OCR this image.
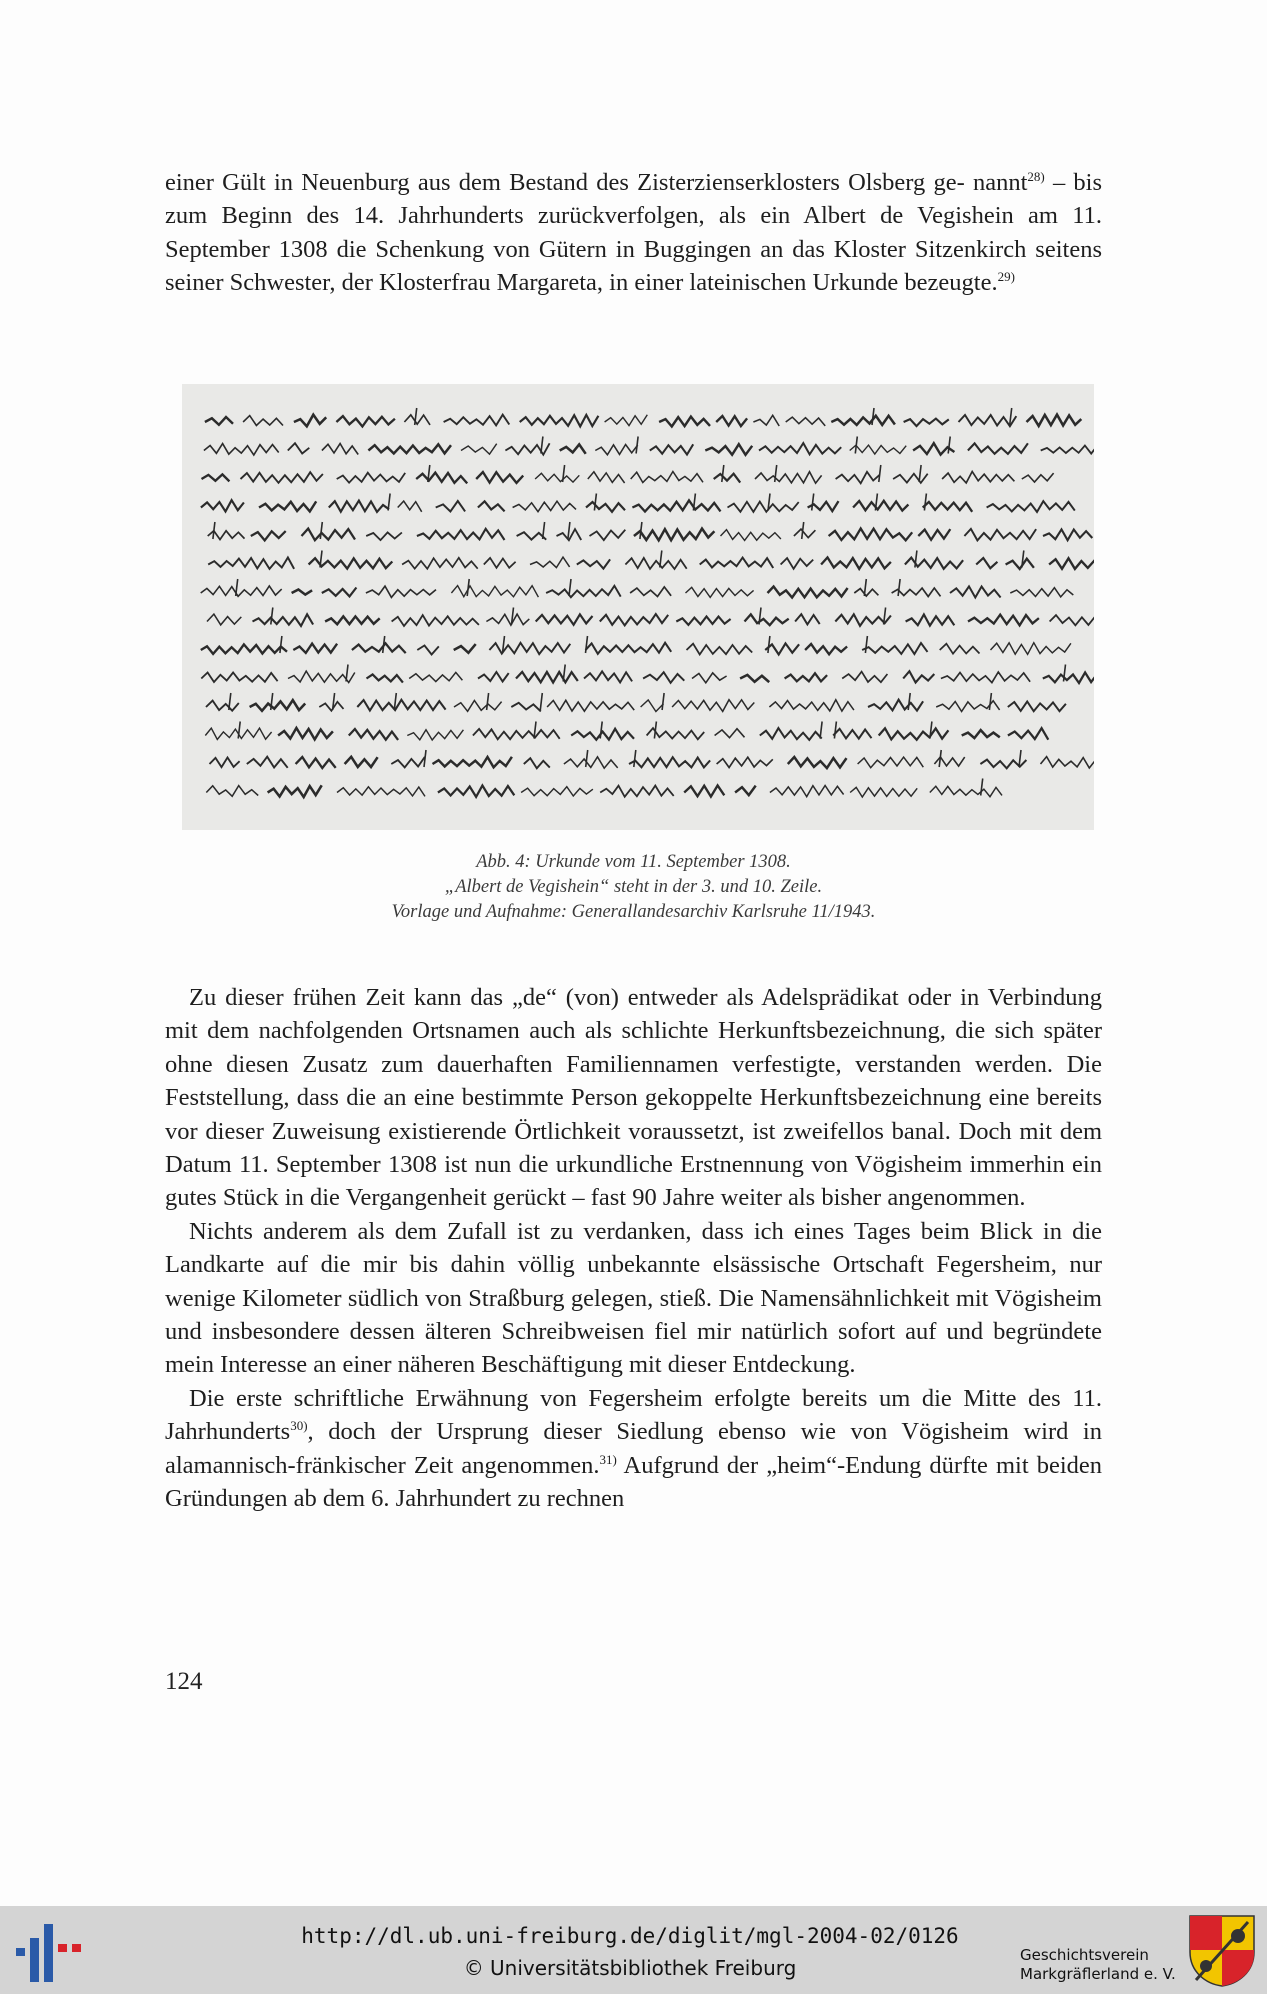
einer Gült in Neuenburg aus dem Bestand des Zisterzienserklosters Olsberg ge- nannt$^{28)}$ – bis zum Beginn des 14. Jahrhunderts zurückverfolgen, als ein Albert de Vegishein am 11. September 1308 die Schenkung von Gütern in Buggingen an das Kloster Sitzenkirch seitens seiner Schwester, der Klosterfrau Margareta, in einer lateinischen Urkunde bezeugte.$^{29)}$

Abb. 4: Urkunde vom 11. September 1308.
„Albert de Vegishein“ steht in der 3. und 10. Zeile.
Vorlage und Aufnahme: Generallandesarchiv Karlsruhe 11/1943.

Zu dieser frühen Zeit kann das „de“ (von) entweder als Adelsprädikat oder in Verbindung mit dem nachfolgenden Ortsnamen auch als schlichte Herkunftsbezeichnung, die sich später ohne diesen Zusatz zum dauerhaften Familiennamen verfestigte, verstanden werden. Die Feststellung, dass die an eine bestimmte Person gekoppelte Herkunftsbezeichnung eine bereits vor dieser Zuweisung existierende Örtlichkeit voraussetzt, ist zweifellos banal. Doch mit dem Datum 11. September 1308 ist nun die urkundliche Erstnennung von Vögisheim immerhin ein gutes Stück in die Vergangenheit gerückt – fast 90 Jahre weiter als bisher angenommen.

Nichts anderem als dem Zufall ist zu verdanken, dass ich eines Tages beim Blick in die Landkarte auf die mir bis dahin völlig unbekannte elsässische Ortschaft Fegersheim, nur wenige Kilometer südlich von Straßburg gelegen, stieß. Die Namensähnlichkeit mit Vögisheim und insbesondere dessen älteren Schreibweisen fiel mir natürlich sofort auf und begründete mein Interesse an einer näheren Beschäftigung mit dieser Entdeckung.

Die erste schriftliche Erwähnung von Fegersheim erfolgte bereits um die Mitte des 11. Jahrhunderts$^{30)}$, doch der Ursprung dieser Siedlung ebenso wie von Vögisheim wird in alamannisch-fränkischer Zeit angenommen.$^{31)}$ Aufgrund der „heim“-Endung dürfte mit beiden Gründungen ab dem 6. Jahrhundert zu rechnen

124
http://dl.ub.uni-freiburg.de/diglit/mgl-2004-02/0126
© Universitätsbibliothek Freiburg
Geschichtsverein
Markgräflerland e. V.
